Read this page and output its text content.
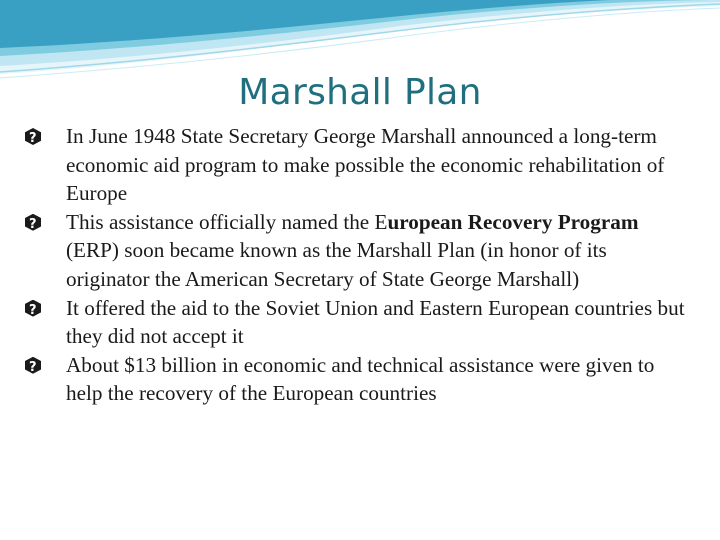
Marshall Plan
In June 1948 State Secretary George Marshall announced a long-term economic aid program to make possible the economic rehabilitation of Europe
This assistance officially named the European Recovery Program (ERP) soon became known as the Marshall Plan (in honor of its originator the American Secretary of State George Marshall)
It offered the aid to the Soviet Union and Eastern European countries but they did not accept it
About $13 billion in economic and technical assistance were given to help the recovery of the European countries
